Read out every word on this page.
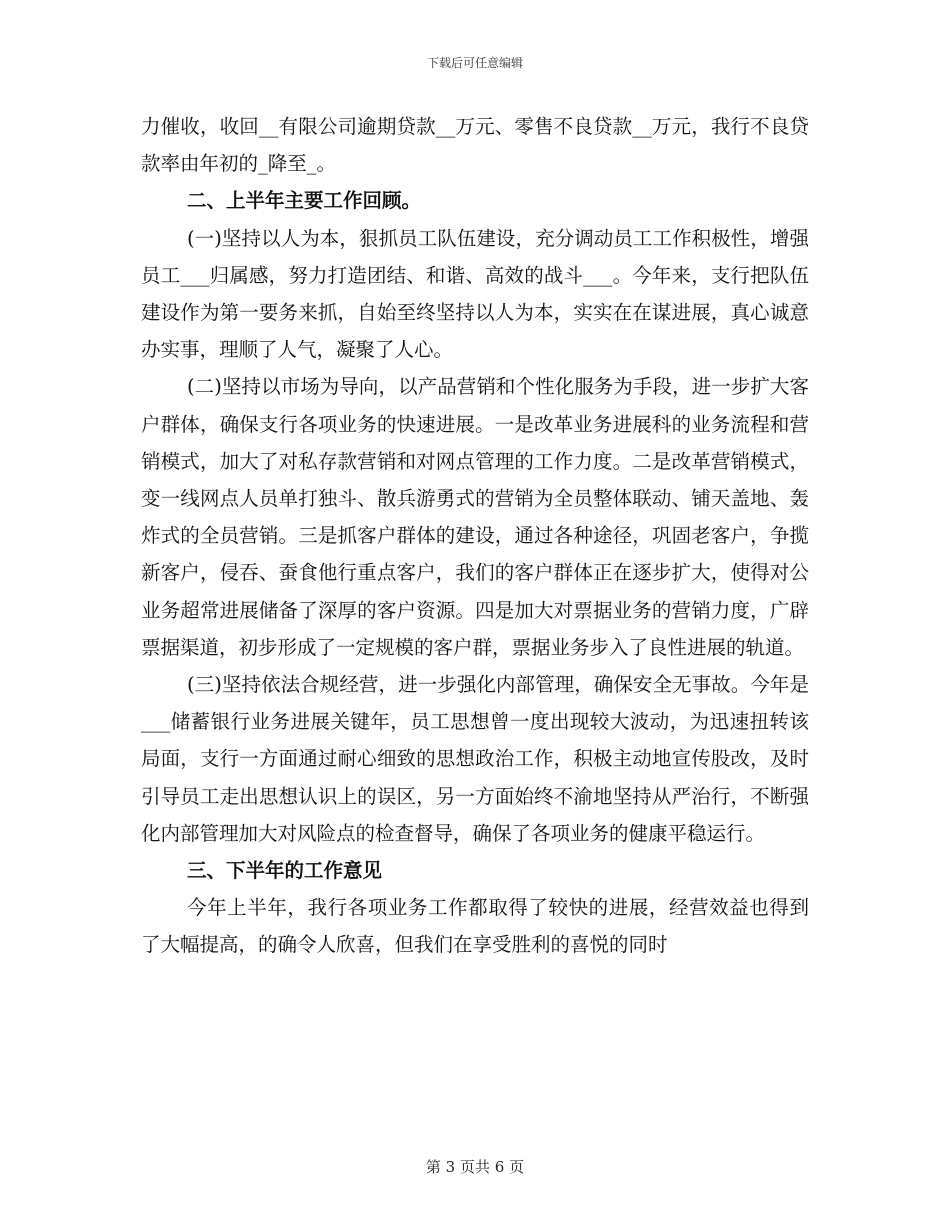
下载后可任意编辑

力催收，收回__有限公司逾期贷款__万元、零售不良贷款__万元，我行不良贷款率由年初的_降至_。

二、上半年主要工作回顾。

(一)坚持以人为本，狠抓员工队伍建设，充分调动员工工作积极性，增强员工___归属感，努力打造团结、和谐、高效的战斗___。今年来，支行把队伍建设作为第一要务来抓，自始至终坚持以人为本，实实在在谋进展，真心诚意办实事，理顺了人气，凝聚了人心。

(二)坚持以市场为导向，以产品营销和个性化服务为手段，进一步扩大客户群体，确保支行各项业务的快速进展。一是改革业务进展科的业务流程和营销模式，加大了对私存款营销和对网点管理的工作力度。二是改革营销模式，变一线网点人员单打独斗、散兵游勇式的营销为全员整体联动、铺天盖地、轰炸式的全员营销。三是抓客户群体的建设，通过各种途径，巩固老客户，争揽新客户，侵吞、蚕食他行重点客户，我们的客户群体正在逐步扩大，使得对公业务超常进展储备了深厚的客户资源。四是加大对票据业务的营销力度，广辟票据渠道，初步形成了一定规模的客户群，票据业务步入了良性进展的轨道。

(三)坚持依法合规经营，进一步强化内部管理，确保安全无事故。今年是___储蓄银行业务进展关键年，员工思想曾一度出现较大波动，为迅速扭转该局面，支行一方面通过耐心细致的思想政治工作，积极主动地宣传股改，及时引导员工走出思想认识上的误区，另一方面始终不渝地坚持从严治行，不断强化内部管理加大对风险点的检查督导，确保了各项业务的健康平稳运行。

三、下半年的工作意见

今年上半年，我行各项业务工作都取得了较快的进展，经营效益也得到了大幅提高，的确令人欣喜，但我们在享受胜利的喜悦的同时

第 3 页共 6 页
